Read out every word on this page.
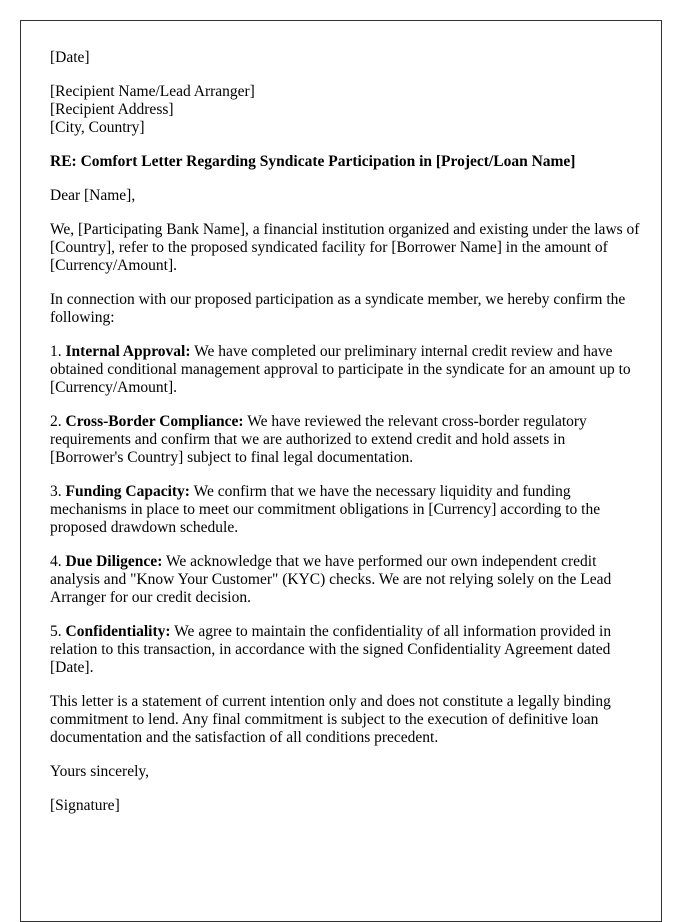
[Date]

[Recipient Name/Lead Arranger]
[Recipient Address]
[City, Country]

RE: Comfort Letter Regarding Syndicate Participation in [Project/Loan Name]

Dear [Name],

We, [Participating Bank Name], a financial institution organized and existing under the laws of [Country], refer to the proposed syndicated facility for [Borrower Name] in the amount of [Currency/Amount].

In connection with our proposed participation as a syndicate member, we hereby confirm the following:

1. Internal Approval: We have completed our preliminary internal credit review and have obtained conditional management approval to participate in the syndicate for an amount up to [Currency/Amount].

2. Cross-Border Compliance: We have reviewed the relevant cross-border regulatory requirements and confirm that we are authorized to extend credit and hold assets in [Borrower's Country] subject to final legal documentation.

3. Funding Capacity: We confirm that we have the necessary liquidity and funding mechanisms in place to meet our commitment obligations in [Currency] according to the proposed drawdown schedule.

4. Due Diligence: We acknowledge that we have performed our own independent credit analysis and "Know Your Customer" (KYC) checks. We are not relying solely on the Lead Arranger for our credit decision.

5. Confidentiality: We agree to maintain the confidentiality of all information provided in relation to this transaction, in accordance with the signed Confidentiality Agreement dated [Date].

This letter is a statement of current intention only and does not constitute a legally binding commitment to lend. Any final commitment is subject to the execution of definitive loan documentation and the satisfaction of all conditions precedent.

Yours sincerely,

[Signature]
